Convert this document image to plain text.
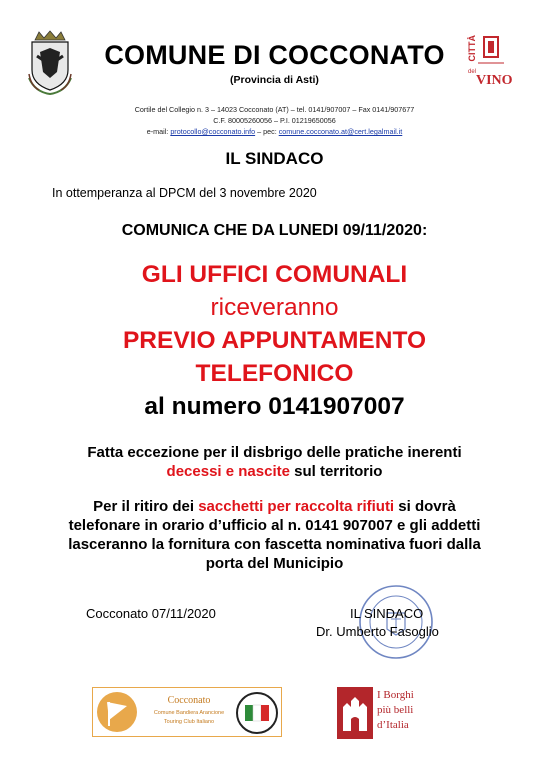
CITTÀ
del
VINO
COMUNE DI COCCONATO
(Provincia di Asti)
Cortile del Collegio n. 3 – 14023 Cocconato (AT) – tel. 0141/907007 – Fax 0141/907677
C.F. 80005260056 – P.I. 01219650056
e-mail: protocollo@cocconato.info – pec: comune.cocconato.at@cert.legalmail.it
IL SINDACO
In ottemperanza al DPCM del 3 novembre 2020
COMUNICA CHE DA LUNEDI 09/11/2020:
GLI UFFICI COMUNALI
riceveranno
PREVIO APPUNTAMENTO
TELEFONICO
al numero 0141907007
Fatta eccezione per il disbrigo delle pratiche inerenti
decessi e nascite sul territorio
Per il ritiro dei sacchetti per raccolta rifiuti si dovrà
telefonare in orario d’ufficio al n. 0141 907007 e gli addetti
lasceranno la fornitura con fascetta nominativa fuori dalla
porta del Municipio
Cocconato 07/11/2020	IL SINDACO
Dr. Umberto Fasoglio
Cocconato
Comune Bandiera Arancione
Touring Club Italiano
I Borghi
più belli
d’Italia
